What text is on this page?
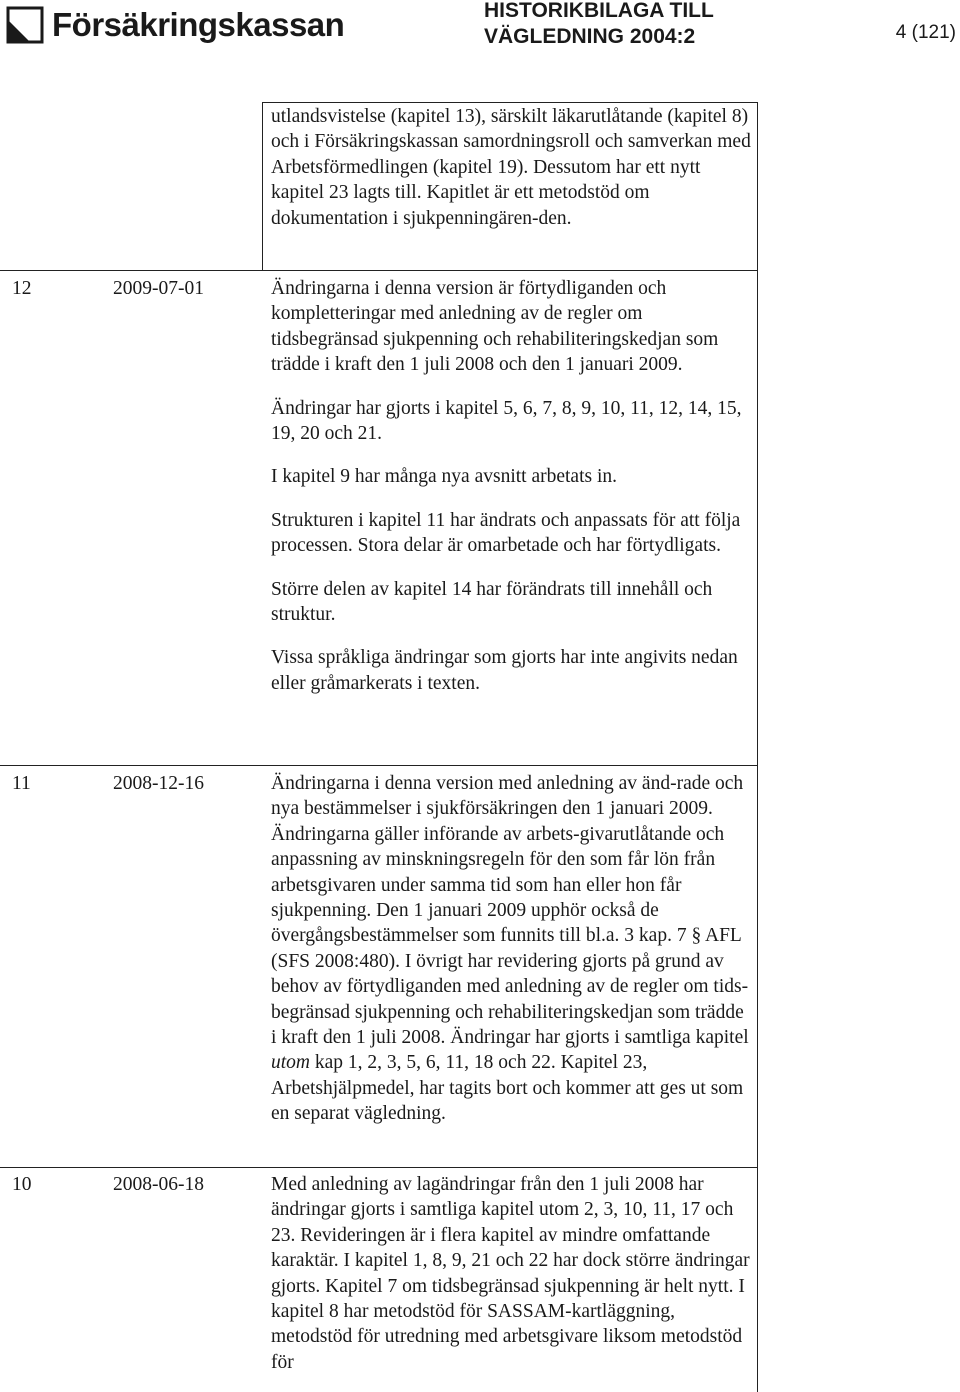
Försäkringskassan	HISTORIKBILAGA TILL
VÄGLEDNING 2004:2	4 (121)
utlandsvistelse (kapitel 13), särskilt läkarutlåtande (kapitel 8) och i Försäkringskassan samordningsroll och samverkan med Arbetsförmedlingen (kapitel 19). Dessutom har ett nytt kapitel 23 lagts till. Kapitlet är ett metodstöd om dokumentation i sjukpenningären-den.
12	2009-07-01	Ändringarna i denna version är förtydliganden och kompletteringar med anledning av de regler om tidsbegränsad sjukpenning och rehabiliteringskedjan som trädde i kraft den 1 juli 2008 och den 1 januari 2009.

Ändringar har gjorts i kapitel 5, 6, 7, 8, 9, 10, 11, 12, 14, 15, 19, 20 och 21.

I kapitel 9 har många nya avsnitt arbetats in.

Strukturen i kapitel 11 har ändrats och anpassats för att följa processen. Stora delar är omarbetade och har förtydligats.

Större delen av kapitel 14 har förändrats till innehåll och struktur.

Vissa språkliga ändringar som gjorts har inte angivits nedan eller gråmarkerats i texten.

11	2008-12-16	Ändringarna i denna version med anledning av änd-rade och nya bestämmelser i sjukförsäkringen den 1 januari 2009. Ändringarna gäller införande av arbets-givarutlåtande och anpassning av minskningsregeln för den som får lön från arbetsgivaren under samma tid som han eller hon får sjukpenning. Den 1 januari 2009 upphör också de övergångsbestämmelser som funnits till bl.a. 3 kap. 7 § AFL (SFS 2008:480). I övrigt har revidering gjorts på grund av behov av förtydliganden med anledning av de regler om tids-begränsad sjukpenning och rehabiliteringskedjan som trädde i kraft den 1 juli 2008. Ändringar har gjorts i samtliga kapitel utom kap 1, 2, 3, 5, 6, 11, 18 och 22. Kapitel 23, Arbetshjälpmedel, har tagits bort och kommer att ges ut som en separat vägledning.
10	2008-06-18	Med anledning av lagändringar från den 1 juli 2008 har ändringar gjorts i samtliga kapitel utom 2, 3, 10, 11, 17 och 23. Revideringen är i flera kapitel av mindre omfattande karaktär. I kapitel 1, 8, 9, 21 och 22 har dock större ändringar gjorts. Kapitel 7 om tidsbegränsad sjukpenning är helt nytt. I kapitel 8 har metodstöd för SASSAM-kartläggning, metodstöd för utredning med arbetsgivare liksom metodstöd för
